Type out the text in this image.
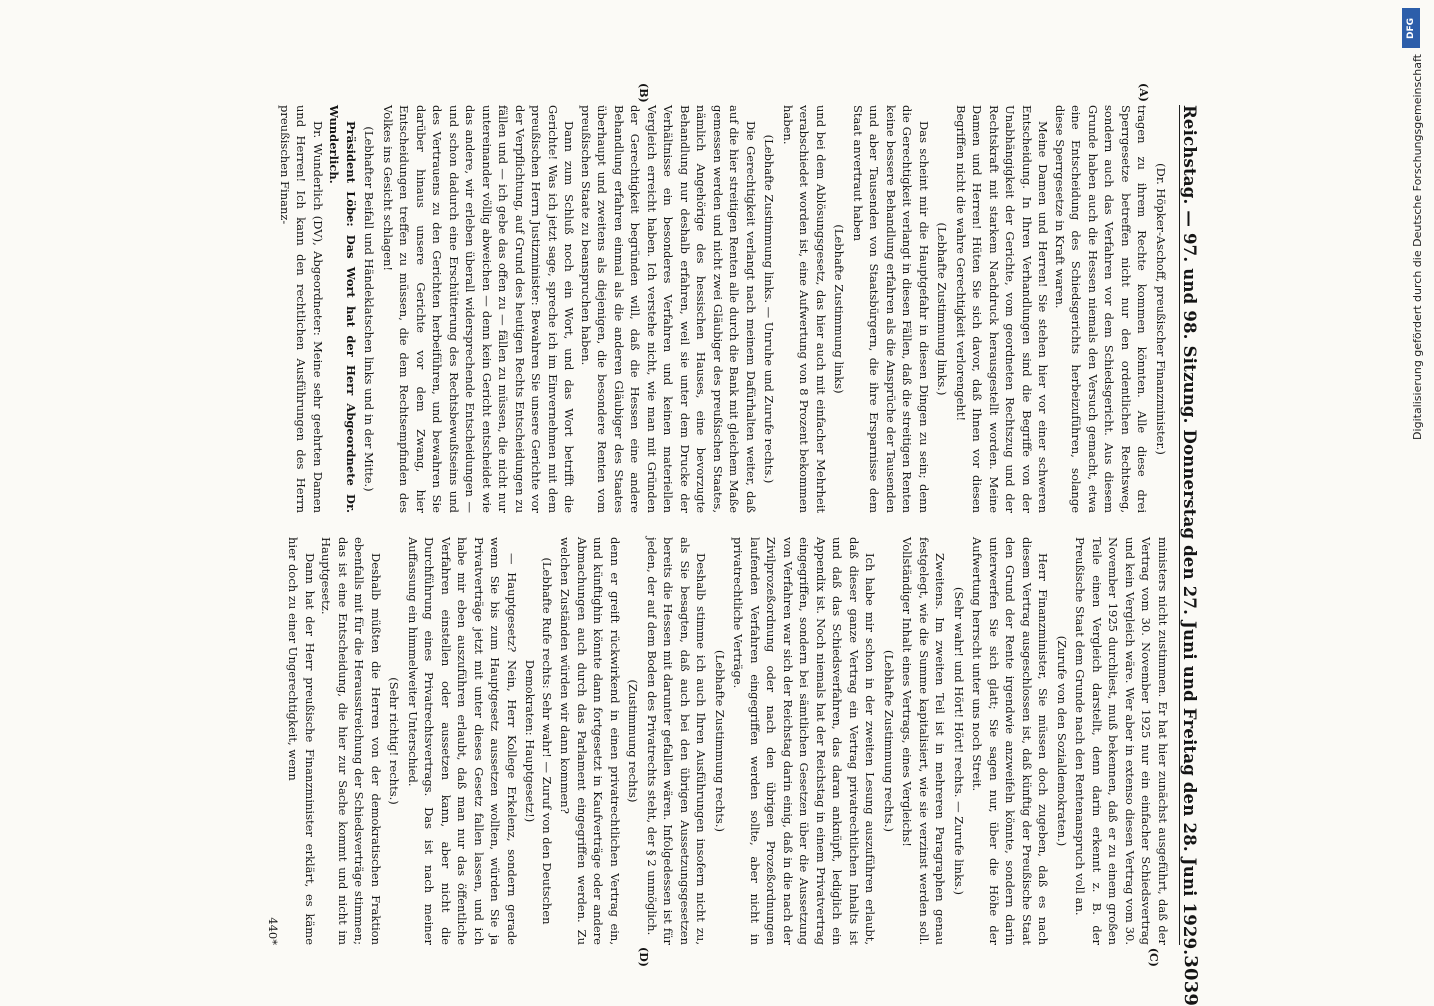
Reichstag. — 97. und 98. Sitzung. Donnerstag den 27. Juni und Freitag den 28. Juni 1929.
3039
(A)
(B)

(Dr. Höpker-Aschoff, preußischer Finanzminister.)

tragen zu ihrem Rechte kommen könnten. Alle diese drei Sperrgesetze betreffen nicht nur den ordentlichen Rechtsweg, sondern auch das Verfahren vor dem Schiedsgericht. Aus diesem Grunde haben auch die Hessen niemals den Versuch gemacht, etwa eine Entscheidung des Schiedsgerichts herbeizuführen, solange diese Sperrgesetze in Kraft waren.

Meine Damen und Herren! Sie stehen hier vor einer schweren Entscheidung. In Ihren Verhandlungen sind die Begriffe von der Unabhängigkeit der Gerichte, vom geordneten Rechtszug und der Rechtskraft mit starkem Nachdruck herausgestellt worden. Meine Damen und Herren! Hüten Sie sich davor, daß Ihnen vor diesen Begriffen nicht die wahre Gerechtigkeit verlorengeht!

(Lebhafte Zustimmung links.)

Das scheint mir die Hauptgefahr in diesen Dingen zu sein; denn die Gerechtigkeit verlangt in diesen Fällen, daß die streitigen Renten keine bessere Behandlung erfahren als die Ansprüche der Tausenden und aber Tausenden von Staatsbürgern, die ihre Ersparnisse dem Staat anvertraut haben

(Lebhafte Zustimmung links)

und bei dem Ablösungsgesetz, das hier auch mit einfacher Mehrheit verabschiedet worden ist, eine Aufwertung von 8 Prozent bekommen haben.

(Lebhafte Zustimmung links. — Unruhe und Zurufe rechts.)

Die Gerechtigkeit verlangt nach meinem Dafürhalten weiter, daß auf die hier streitigen Renten alle durch die Bank mit gleichem Maße gemessen werden und nicht zwei Gläubiger des preußischen Staates, nämlich Angehörige des hessischen Hauses, eine bevorzugte Behandlung nur deshalb erfahren, weil sie unter dem Drucke der Verhältnisse ein besonderes Verfahren und keinen materiellen Vergleich erreicht haben. Ich verstehe nicht, wie man mit Gründen der Gerechtigkeit begründen will, daß die Hessen eine andere Behandlung erfahren einmal als die anderen Gläubiger des Staates überhaupt und zweitens als diejenigen, die besondere Renten vom preußischen Staate zu beanspruchen haben.

Dann zum Schluß noch ein Wort, und das Wort betrifft die Gerichte! Was ich jetzt sage, spreche ich im Einvernehmen mit dem preußischen Herrn Justizminister: Bewahren Sie unsere Gerichte vor der Verpflichtung, auf Grund des heutigen Rechts Entscheidungen zu fällen und — ich gebe das offen zu — fällen zu müssen, die nicht nur untereinander völlig abweichen — denn kein Gericht entscheidet wie das andere, wir erleben überall widersprechende Entscheidungen — und schon dadurch eine Erschütterung des Rechtsbewußtseins und des Vertrauens zu den Gerichten herbeiführen, und bewahren Sie darüber hinaus unsere Gerichte vor dem Zwang, hier Entscheidungen treffen zu müssen, die dem Rechtsempfinden des Volkes ins Gesicht schlagen!

(Lebhafter Beifall und Händeklatschen links und in der Mitte.)

Präsident Löbe: Das Wort hat der Herr Abgeordnete Dr. Wunderlich.

Dr. Wunderlich (DV), Abgeordneter: Meine sehr geehrten Damen und Herren! Ich kann den rechtlichen Ausführungen des Herrn preußischen Finanz-

(C)
(D)

ministers nicht zustimmen. Er hat hier zunächst ausgeführt, daß der Vertrag vom 30. November 1925 nur ein einfacher Schiedsvertrag und kein Vergleich wäre. Wer aber in extenso diesen Vertrag vom 30. November 1925 durchliest, muß bekennen, daß er zu einem großen Teile einen Vergleich darstellt, denn darin erkennt z. B. der Preußische Staat dem Grunde nach den Rentenanspruch voll an.

(Zurufe von den Sozialdemokraten.)

Herr Finanzminister, Sie müssen doch zugeben, daß es nach diesem Vertrag ausgeschlossen ist, daß künftig der Preußische Staat den Grund der Rente irgendwie anzweifeln könnte, sondern darin unterwerfen Sie sich glatt; Sie sagen nur, über die Höhe der Aufwertung herrscht unter uns noch Streit.

(Sehr wahr! und Hört! Hört! rechts. — Zurufe links.)

Zweitens. Im zweiten Teil ist in mehreren Paragraphen genau festgelegt, wie die Summe kapitalisiert, wie sie verzinst werden soll. Vollständiger Inhalt eines Vertrags, eines Vergleichs!

(Lebhafte Zustimmung rechts.)

Ich habe mir schon in der zweiten Lesung auszuführen erlaubt, daß dieser ganze Vertrag ein Vertrag privatrechtlichen Inhalts ist und daß das Schiedsverfahren, das daran anknüpft, lediglich ein Appendix ist. Noch niemals hat der Reichstag in einem Privatvertrag eingegriffen, sondern bei sämtlichen Gesetzen über die Aussetzung von Verfahren war sich der Reichstag darin einig, daß in die nach der Zivilprozeßordnung oder nach den übrigen Prozeßordnungen laufenden Verfahren eingegriffen werden sollte, aber nicht in privatrechtliche Verträge.

(Lebhafte Zustimmung rechts.)

Deshalb stimme ich auch Ihren Ausführungen insofern nicht zu, als Sie besagten, daß auch bei den übrigen Aussetzungsgesetzen bereits die Hessen mit darunter gefallen wären. Infolgedessen ist für jeden, der auf dem Boden des Privatrechts steht, der § 2 unmöglich.

(Zustimmung rechts)

denn er greift rückwirkend in einen privatrechtlichen Vertrag ein, und künftighin könnte dann fortgesetzt in Kaufverträge oder andere Abmachungen auch durch das Parlament eingegriffen werden. Zu welchen Zuständen würden wir dann kommen?

(Lebhafte Rufe rechts: Sehr wahr! — Zuruf von den Deutschen Demokraten: Hauptgesetz!)

— Hauptgesetz? Nein, Herr Kollege Erkelenz, sondern gerade wenn Sie bis zum Hauptgesetz aussetzen wollten, würden Sie ja Privatverträge jetzt mit unter dieses Gesetz fallen lassen, und ich habe mir eben auszuführen erlaubt, daß man nur das öffentliche Verfahren einstellen oder aussetzen kann, aber nicht die Durchführung eines Privatrechtsvertrags. Das ist nach meiner Auffassung ein himmelweiter Unterschied.

(Sehr richtig! rechts.)

Deshalb müßten die Herren von der demokratischen Fraktion ebenfalls mit für die Herausstreichung der Schiedsverträge stimmen; das ist eine Entscheidung, die hier zur Sache kommt und nicht im Hauptgesetz.

Dann hat der Herr preußische Finanzminister erklärt, es käme hier doch zu einer Ungerechtigkeit, wenn

440*

DFG
Digitalisierung gefördert durch die Deutsche Forschungsgemeinschaft
